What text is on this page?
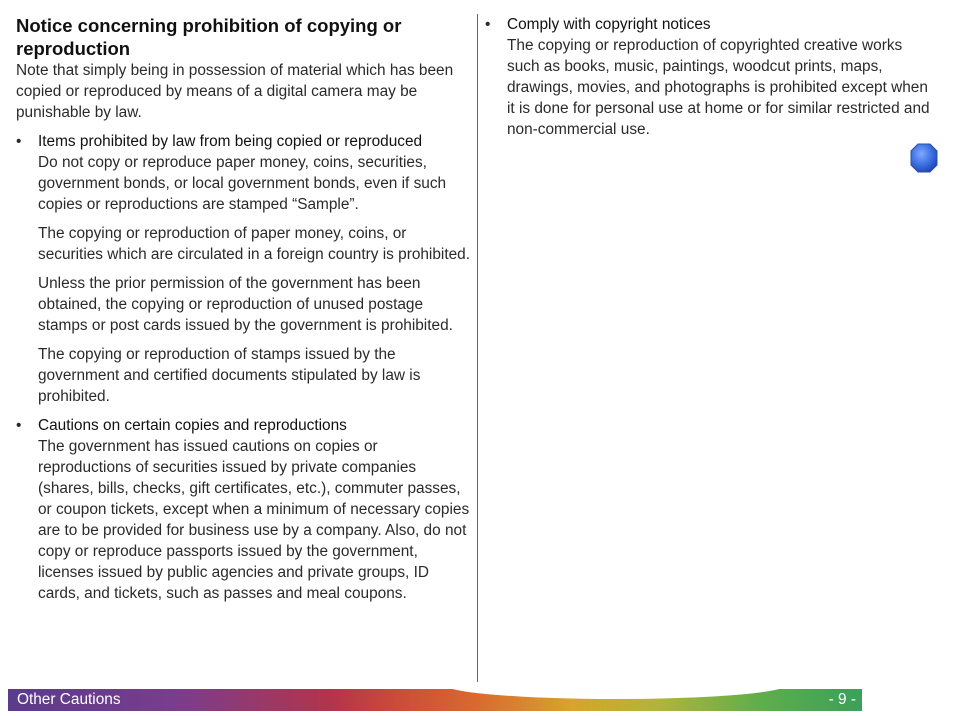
Notice concerning prohibition of copying or reproduction

Note that simply being in possession of material which has been copied or reproduced by means of a digital camera may be punishable by law.

• Items prohibited by law from being copied or reproduced

Do not copy or reproduce paper money, coins, securities, government bonds, or local government bonds, even if such copies or reproductions are stamped “Sample”.

The copying or reproduction of paper money, coins, or securities which are circulated in a foreign country is prohibited.

Unless the prior permission of the government has been obtained, the copying or reproduction of unused postage stamps or post cards issued by the government is prohibited.

The copying or reproduction of stamps issued by the government and certified documents stipulated by law is prohibited.

• Cautions on certain copies and reproductions

The government has issued cautions on copies or reproductions of securities issued by private companies (shares, bills, checks, gift certificates, etc.), commuter passes, or coupon tickets, except when a minimum of necessary copies are to be provided for business use by a company. Also, do not copy or reproduce passports issued by the government, licenses issued by public agencies and private groups, ID cards, and tickets, such as passes and meal coupons.

• Comply with copyright notices

The copying or reproduction of copyrighted creative works such as books, music, paintings, woodcut prints, maps, drawings, movies, and photographs is prohibited except when it is done for personal use at home or for similar restricted and non-commercial use.

Other Cautions	- 9 -
